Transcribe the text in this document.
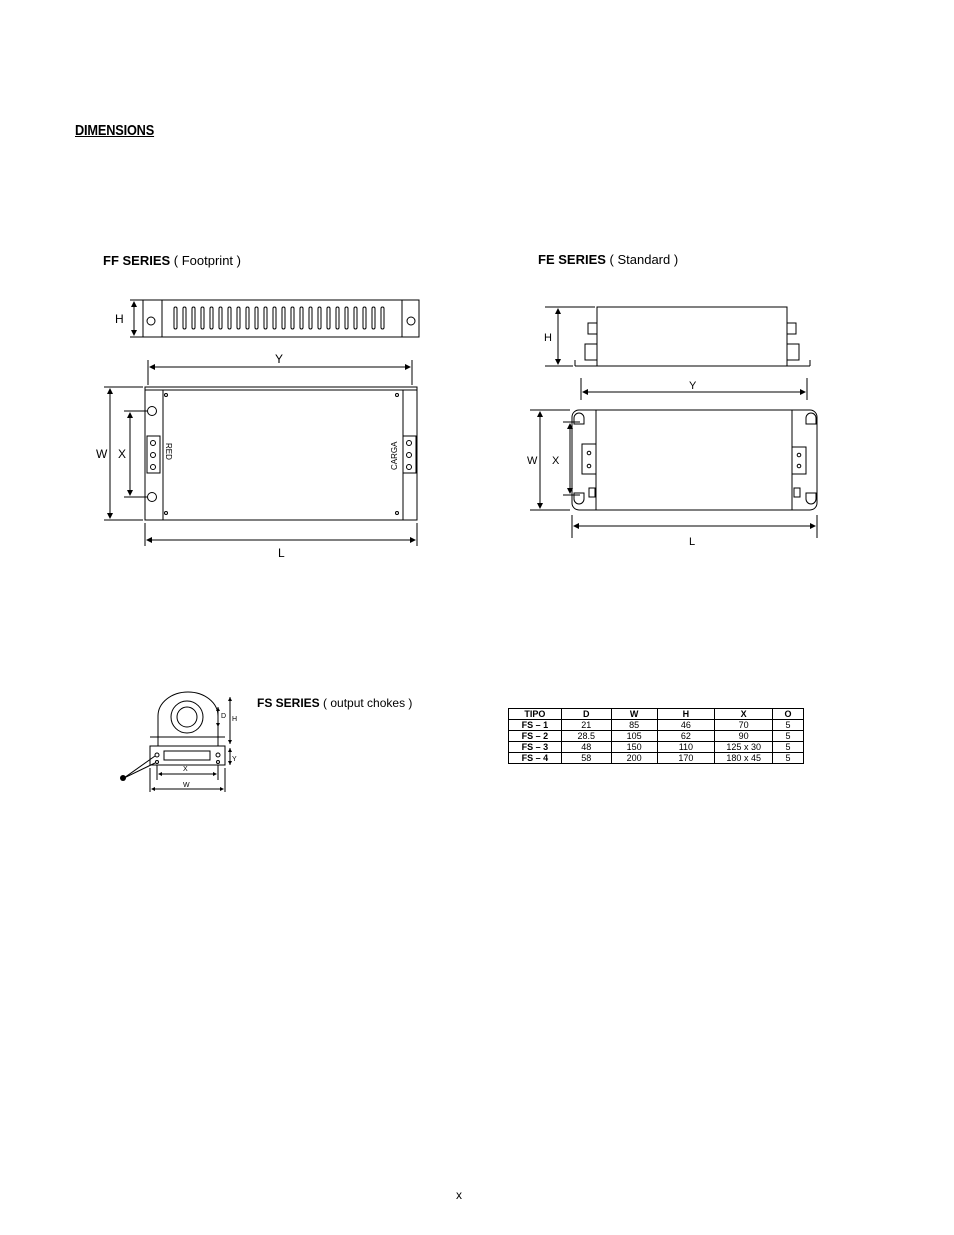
DIMENSIONS
FF SERIES ( Footprint )	FE SERIES ( Standard )
H
Y
W X
L
RED	CARGA
H
Y
W X
L
FS SERIES ( output chokes )
D H
Y
X
W
TIPO	D	W	H	X	O
FS – 1	21	85	46	70	5
FS – 2	28.5	105	62	90	5
FS – 3	48	150	110	125 x 30	5
FS – 4	58	200	170	180 x 45	5
x
